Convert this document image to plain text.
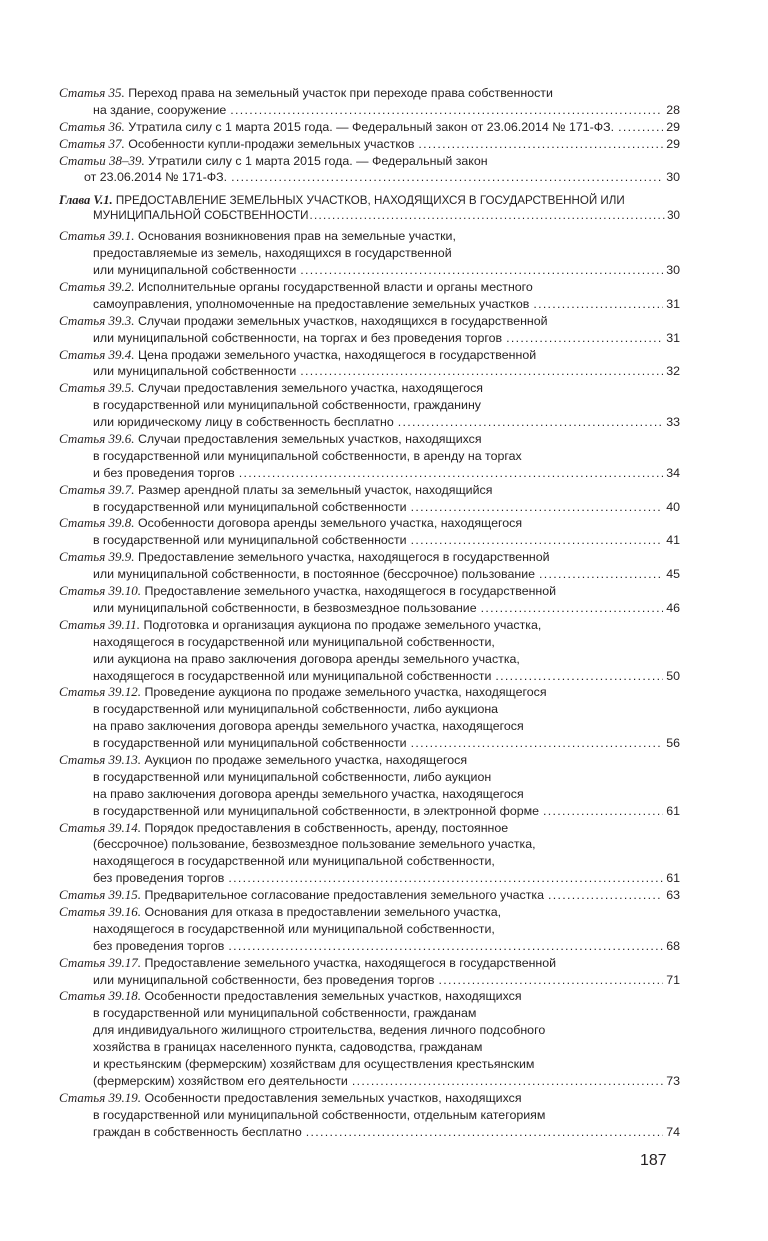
Статья 35. Переход права на земельный участок при переходе права собственности
на здание, сооружение .....	28
Статья 36. Утратила силу с 1 марта 2015 года. — Федеральный закон от 23.06.2014 № 171-ФЗ. .....	29
Статья 37. Особенности купли-продажи земельных участков .....	29
Статьи 38–39. Утратили силу с 1 марта 2015 года. — Федеральный закон
от 23.06.2014 № 171-ФЗ. .....	30
Глава V.1. ПРЕДОСТАВЛЕНИЕ ЗЕМЕЛЬНЫХ УЧАСТКОВ, НАХОДЯЩИХСЯ В ГОСУДАРСТВЕННОЙ ИЛИ
МУНИЦИПАЛЬНОЙ СОБСТВЕННОСТИ .....	30
Статья 39.1. Основания возникновения прав на земельные участки,
предоставляемые из земель, находящихся в государственной
или муниципальной собственности .....	30
Статья 39.2. Исполнительные органы государственной власти и органы местного
самоуправления, уполномоченные на предоставление земельных участков .....	31
Статья 39.3. Случаи продажи земельных участков, находящихся в государственной
или муниципальной собственности, на торгах и без проведения торгов .....	31
Статья 39.4. Цена продажи земельного участка, находящегося в государственной
или муниципальной собственности .....	32
Статья 39.5. Случаи предоставления земельного участка, находящегося
в государственной или муниципальной собственности, гражданину
или юридическому лицу в собственность бесплатно .....	33
Статья 39.6. Случаи предоставления земельных участков, находящихся
в государственной или муниципальной собственности, в аренду на торгах
и без проведения торгов .....	34
Статья 39.7. Размер арендной платы за земельный участок, находящийся
в государственной или муниципальной собственности .....	40
Статья 39.8. Особенности договора аренды земельного участка, находящегося
в государственной или муниципальной собственности .....	41
Статья 39.9. Предоставление земельного участка, находящегося в государственной
или муниципальной собственности, в постоянное (бессрочное) пользование .....	45
Статья 39.10. Предоставление земельного участка, находящегося в государственной
или муниципальной собственности, в безвозмездное пользование .....	46
Статья 39.11. Подготовка и организация аукциона по продаже земельного участка,
находящегося в государственной или муниципальной собственности,
или аукциона на право заключения договора аренды земельного участка,
находящегося в государственной или муниципальной собственности .....	50
Статья 39.12. Проведение аукциона по продаже земельного участка, находящегося
в государственной или муниципальной собственности, либо аукциона
на право заключения договора аренды земельного участка, находящегося
в государственной или муниципальной собственности .....	56
Статья 39.13. Аукцион по продаже земельного участка, находящегося
в государственной или муниципальной собственности, либо аукцион
на право заключения договора аренды земельного участка, находящегося
в государственной или муниципальной собственности, в электронной форме .....	61
Статья 39.14. Порядок предоставления в собственность, аренду, постоянное
(бессрочное) пользование, безвозмездное пользование земельного участка,
находящегося в государственной или муниципальной собственности,
без проведения торгов .....	61
Статья 39.15. Предварительное согласование предоставления земельного участка .....	63
Статья 39.16. Основания для отказа в предоставлении земельного участка,
находящегося в государственной или муниципальной собственности,
без проведения торгов .....	68
Статья 39.17. Предоставление земельного участка, находящегося в государственной
или муниципальной собственности, без проведения торгов .....	71
Статья 39.18. Особенности предоставления земельных участков, находящихся
в государственной или муниципальной собственности, гражданам
для индивидуального жилищного строительства, ведения личного подсобного
хозяйства в границах населенного пункта, садоводства, гражданам
и крестьянским (фермерским) хозяйствам для осуществления крестьянским
(фермерским) хозяйством его деятельности .....	73
Статья 39.19. Особенности предоставления земельных участков, находящихся
в государственной или муниципальной собственности, отдельным категориям
граждан в собственность бесплатно .....	74
187
